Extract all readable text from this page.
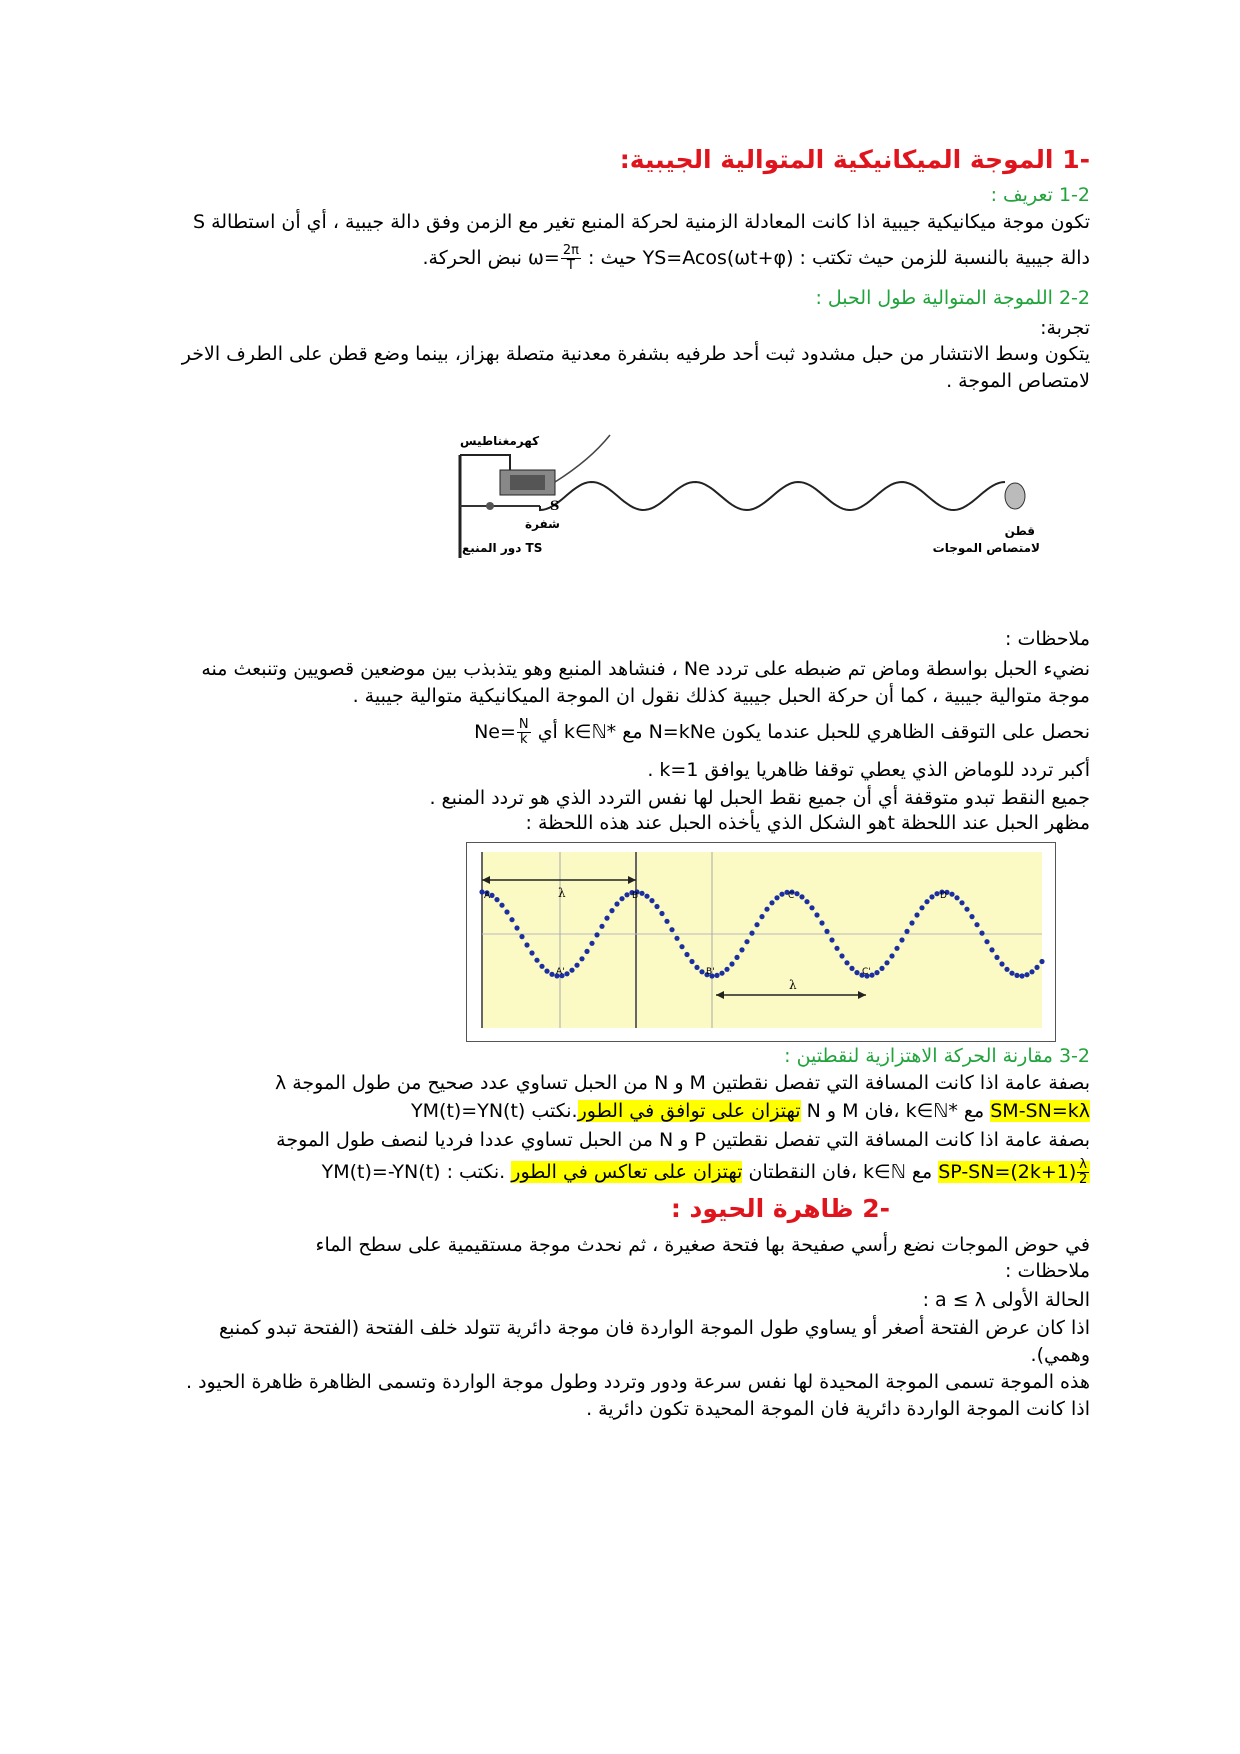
-1 الموجة الميكانيكية المتوالية الجيبية:
1-2 تعريف :
تكون موجة ميكانيكية جيبية اذا كانت المعادلة الزمنية لحركة المنبع تغير مع الزمن وفق دالة جيبية ، أي أن استطالة S
دالة جيبية بالنسبة للزمن حيث تكتب : YS=Acos(ωt+φ) حيث : $\omega= \frac{2\pi}{T}$
نبض الحركة.
2-2 اللموجة المتوالية طول الحبل :
تجربة:
يتكون وسط الانتشار من حبل مشدود ثبت أحد طرفيه بشفرة معدنية متصلة بهزاز، بينما وضع قطن على الطرف الاخر
لامتصاص الموجة .
كهرمغناطيس
S
شفرة
دور المنبع TS
قطن
لامتصاص الموجات
ملاحظات :
نضيء الحبل بواسطة وماض تم ضبطه على تردد Ne ، فنشاهد المنبع وهو يتذبذب بين موضعين قصويين وتنبعث منه
موجة متوالية جيبية ، كما أن حركة الحبل جيبية كذلك نقول ان الموجة الميكانيكية متوالية جيبية .
نحصل على التوقف الظاهري للحبل عندما يكون N=kNe مع k∈ℕ* أي $Ne= \frac{N}{k}$
أكبر تردد للوماض الذي يعطي توقفا ظاهريا يوافق k=1 .
جميع النقط تبدو متوقفة أي أن جميع نقط الحبل لها نفس التردد الذي هو تردد المنبع .
مظهر الحبل عند اللحظة tهو الشكل الذي يأخذه الحبل عند هذه اللحظة :
λ
λ
A
A'
B
B'
C
C'
D
3-2 مقارنة الحركة الاهتزازية لنقطتين :
بصفة عامة اذا كانت المسافة التي تفصل نقطتين M و N من الحبل تساوي عدد صحيح من طول الموجة λ
SM-SN=kλ مع k∈ℕ* ،فان M و N تهتزان على توافق في الطور.نكتب YM(t)=YN(t)
بصفة عامة اذا كانت المسافة التي تفصل نقطتين P و N من الحبل تساوي عددا فرديا لنصف طول الموجة
$SP-SN=(2k+1) \frac{\lambda}{2}$
مع k∈ℕ ،فان النقطتان تهتزان على تعاكس في الطور .نكتب : YM(t)=-YN(t)
-2 ظاهرة الحيود :
في حوض الموجات نضع رأسي صفيحة بها فتحة صغيرة ، ثم نحدث موجة مستقيمية على سطح الماء
ملاحظات :
الحالة الأولى a ≤ λ :
اذا كان عرض الفتحة أصغر أو يساوي طول الموجة الواردة فان موجة دائرية تتولد خلف الفتحة (الفتحة تبدو كمنبع
وهمي).
هذه الموجة تسمى الموجة المحيدة لها نفس سرعة ودور وتردد وطول موجة الواردة وتسمى الظاهرة ظاهرة الحيود .
اذا كانت الموجة الواردة دائرية فان الموجة المحيدة تكون دائرية .
